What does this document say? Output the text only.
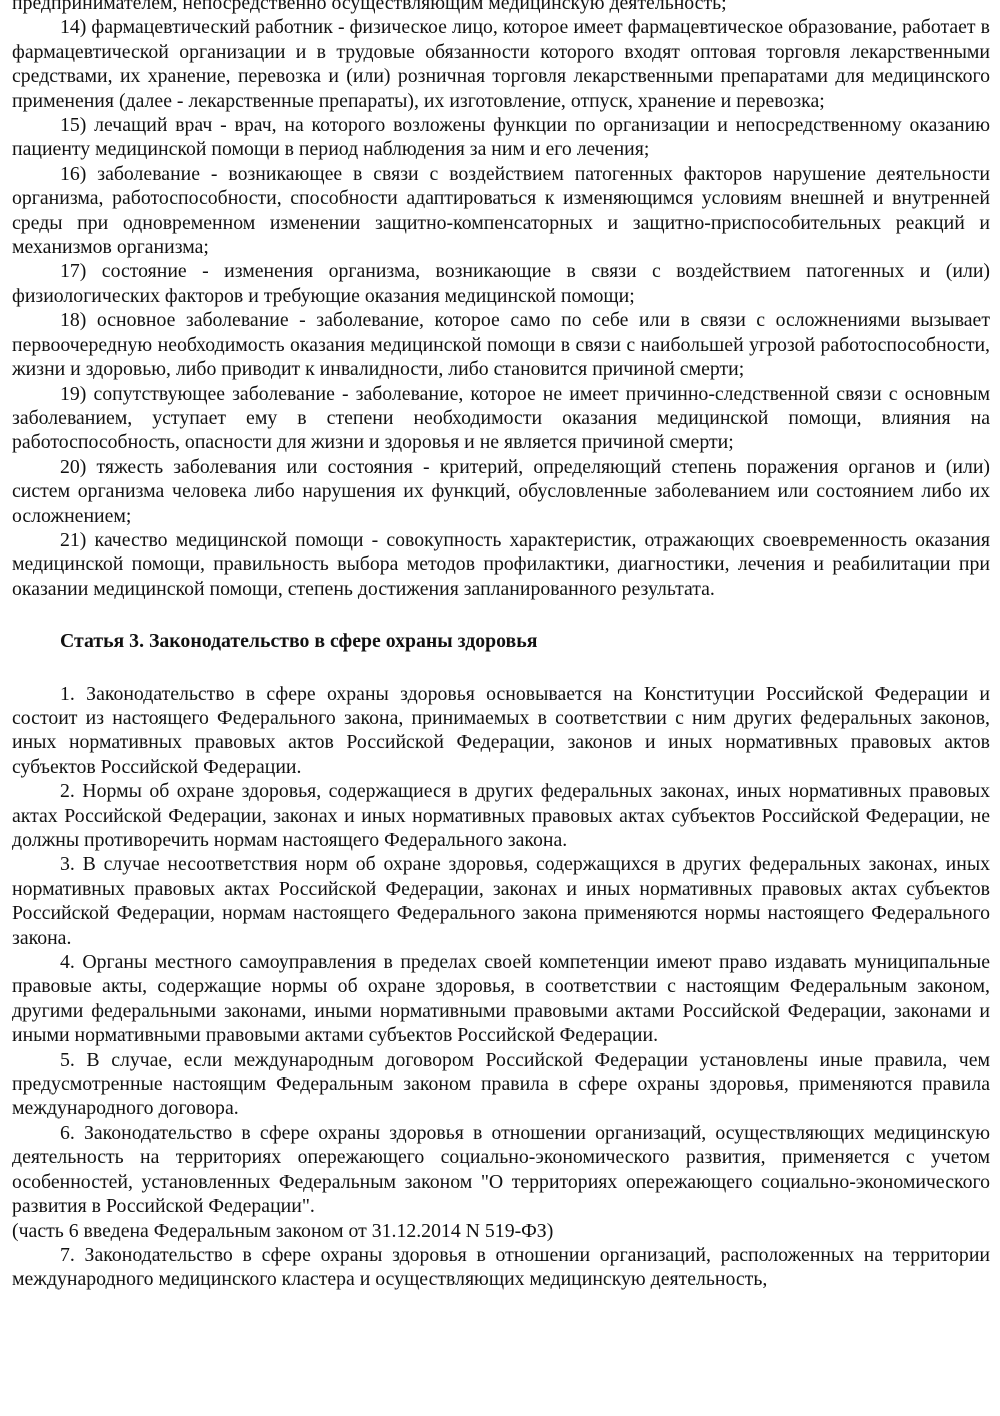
предпринимателем, непосредственно осуществляющим медицинскую деятельность;

14) фармацевтический работник - физическое лицо, которое имеет фармацевтическое образование, работает в фармацевтической организации и в трудовые обязанности которого входят оптовая торговля лекарственными средствами, их хранение, перевозка и (или) розничная торговля лекарственными препаратами для медицинского применения (далее - лекарственные препараты), их изготовление, отпуск, хранение и перевозка;

15) лечащий врач - врач, на которого возложены функции по организации и непосредственному оказанию пациенту медицинской помощи в период наблюдения за ним и его лечения;

16) заболевание - возникающее в связи с воздействием патогенных факторов нарушение деятельности организма, работоспособности, способности адаптироваться к изменяющимся условиям внешней и внутренней среды при одновременном изменении защитно-компенсаторных и защитно-приспособительных реакций и механизмов организма;

17) состояние - изменения организма, возникающие в связи с воздействием патогенных и (или) физиологических факторов и требующие оказания медицинской помощи;

18) основное заболевание - заболевание, которое само по себе или в связи с осложнениями вызывает первоочередную необходимость оказания медицинской помощи в связи с наибольшей угрозой работоспособности, жизни и здоровью, либо приводит к инвалидности, либо становится причиной смерти;

19) сопутствующее заболевание - заболевание, которое не имеет причинно-следственной связи с основным заболеванием, уступает ему в степени необходимости оказания медицинской помощи, влияния на работоспособность, опасности для жизни и здоровья и не является причиной смерти;

20) тяжесть заболевания или состояния - критерий, определяющий степень поражения органов и (или) систем организма человека либо нарушения их функций, обусловленные заболеванием или состоянием либо их осложнением;

21) качество медицинской помощи - совокупность характеристик, отражающих своевременность оказания медицинской помощи, правильность выбора методов профилактики, диагностики, лечения и реабилитации при оказании медицинской помощи, степень достижения запланированного результата.

Статья 3. Законодательство в сфере охраны здоровья

1. Законодательство в сфере охраны здоровья основывается на Конституции Российской Федерации и состоит из настоящего Федерального закона, принимаемых в соответствии с ним других федеральных законов, иных нормативных правовых актов Российской Федерации, законов и иных нормативных правовых актов субъектов Российской Федерации.

2. Нормы об охране здоровья, содержащиеся в других федеральных законах, иных нормативных правовых актах Российской Федерации, законах и иных нормативных правовых актах субъектов Российской Федерации, не должны противоречить нормам настоящего Федерального закона.

3. В случае несоответствия норм об охране здоровья, содержащихся в других федеральных законах, иных нормативных правовых актах Российской Федерации, законах и иных нормативных правовых актах субъектов Российской Федерации, нормам настоящего Федерального закона применяются нормы настоящего Федерального закона.

4. Органы местного самоуправления в пределах своей компетенции имеют право издавать муниципальные правовые акты, содержащие нормы об охране здоровья, в соответствии с настоящим Федеральным законом, другими федеральными законами, иными нормативными правовыми актами Российской Федерации, законами и иными нормативными правовыми актами субъектов Российской Федерации.

5. В случае, если международным договором Российской Федерации установлены иные правила, чем предусмотренные настоящим Федеральным законом правила в сфере охраны здоровья, применяются правила международного договора.

6. Законодательство в сфере охраны здоровья в отношении организаций, осуществляющих медицинскую деятельность на территориях опережающего социально-экономического развития, применяется с учетом особенностей, установленных Федеральным законом "О территориях опережающего социально-экономического развития в Российской Федерации".

(часть 6 введена Федеральным законом от 31.12.2014 N 519-ФЗ)

7. Законодательство в сфере охраны здоровья в отношении организаций, расположенных на территории международного медицинского кластера и осуществляющих медицинскую деятельность,
